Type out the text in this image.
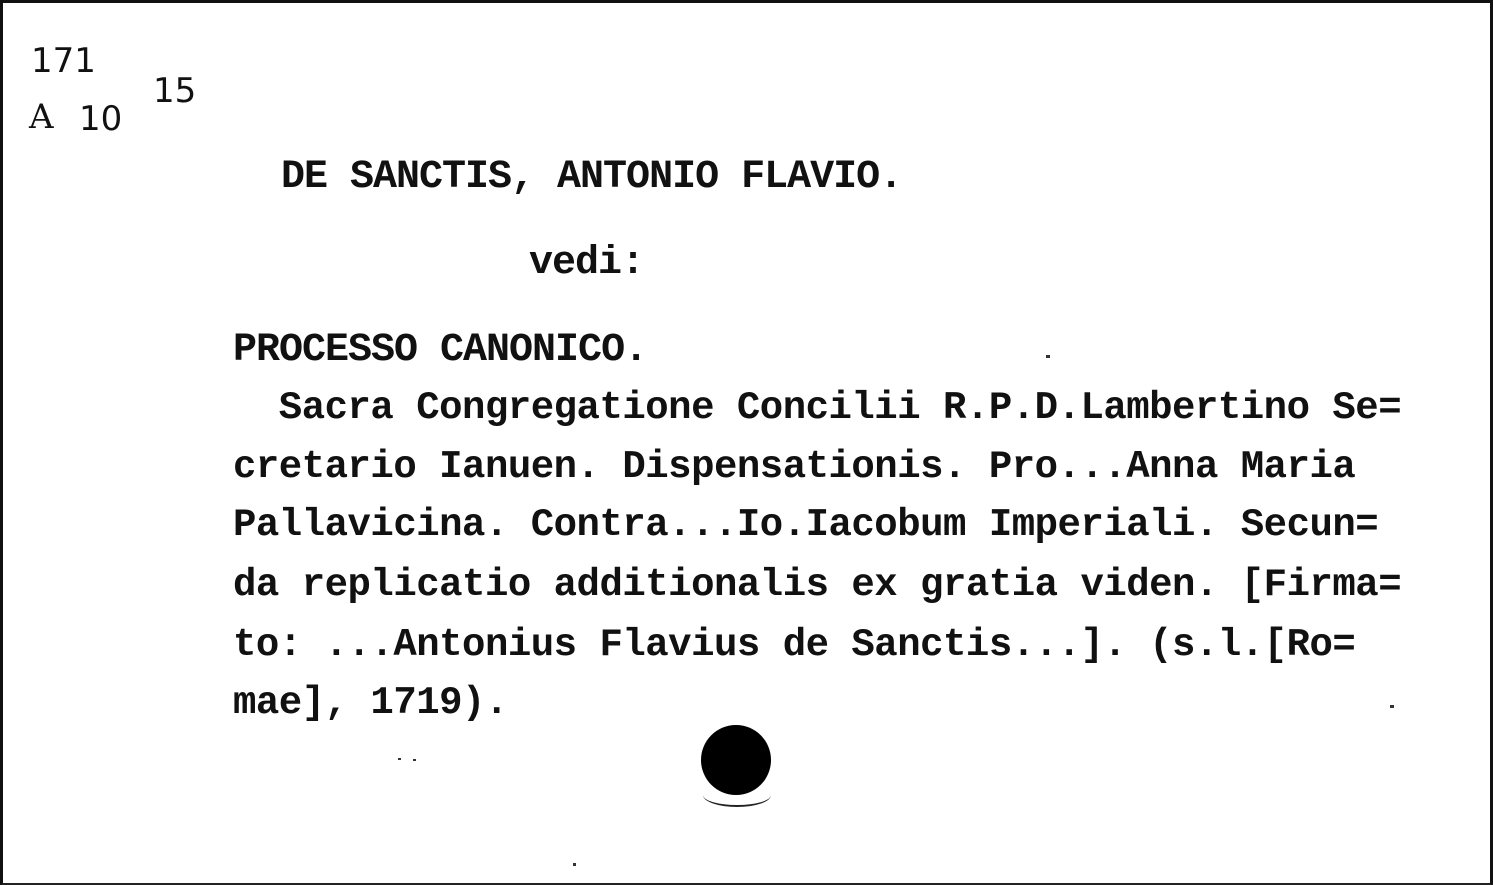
171
A 10
15
DE SANCTIS, ANTONIO FLAVIO.
vedi:
PROCESSO CANONICO.
Sacra Congregatione Concilii R.P.D.Lambertino Se=
cretario Ianuen. Dispensationis. Pro...Anna Maria
Pallavicina. Contra...Io.Iacobum Imperiali. Secun=
da replicatio additionalis ex gratia viden. [Firma=
to: ...Antonius Flavius de Sanctis...]. (s.l.[Ro=
mae], 1719).
